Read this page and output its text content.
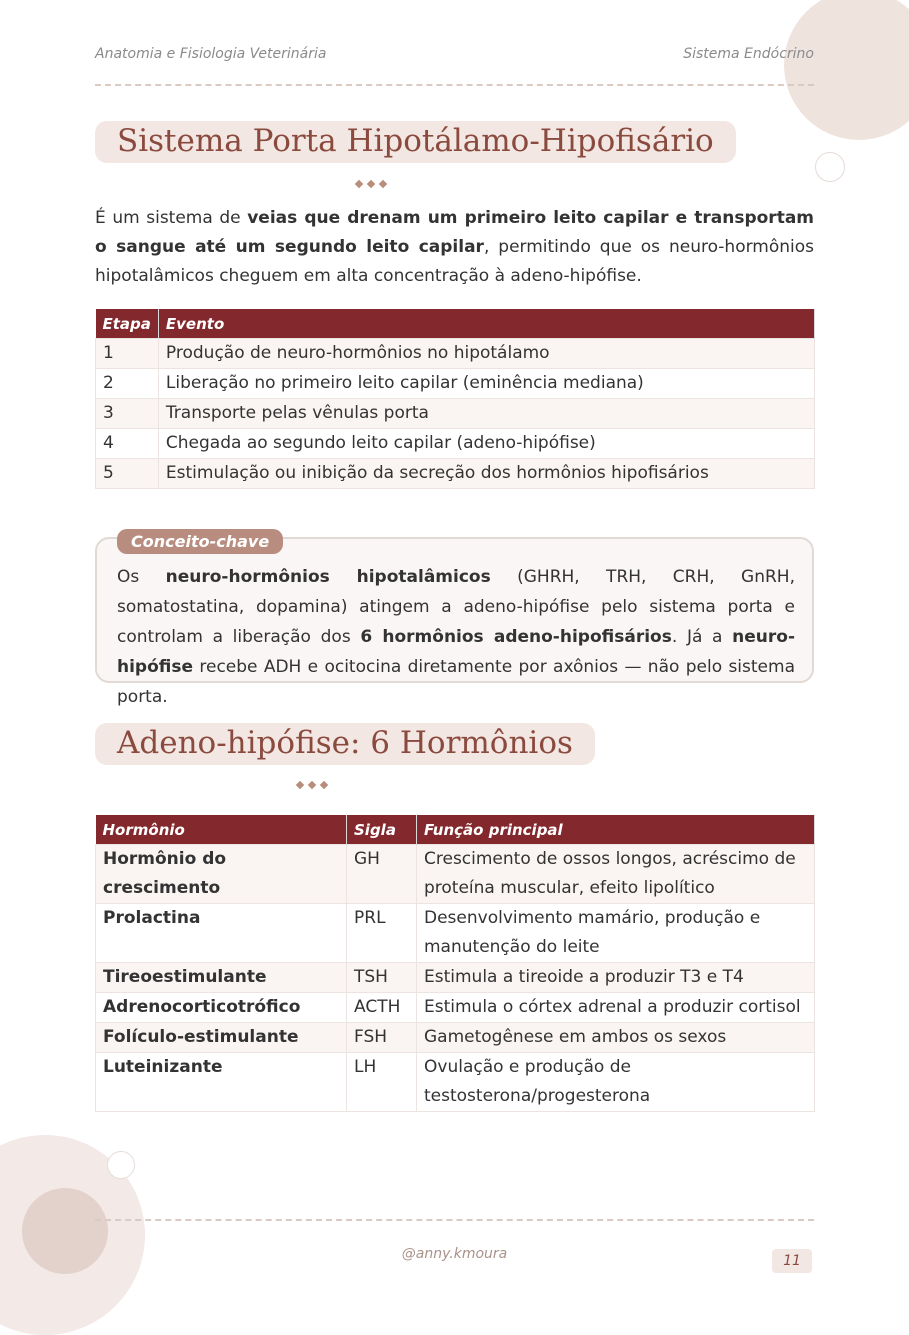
Anatomia e Fisiologia Veterinária	Sistema Endócrino
Sistema Porta Hipotálamo-Hipofisário

É um sistema de veias que drenam um primeiro leito capilar e transportam o sangue até um segundo leito capilar, permitindo que os neuro-hormônios hipotalâmicos cheguem em alta concentração à adeno-hipófise.

Etapa	Evento
1	Produção de neuro-hormônios no hipotálamo
2	Liberação no primeiro leito capilar (eminência mediana)
3	Transporte pelas vênulas porta
4	Chegada ao segundo leito capilar (adeno-hipófise)
5	Estimulação ou inibição da secreção dos hormônios hipofisários
Conceito-chave

Os neuro-hormônios hipotalâmicos (GHRH, TRH, CRH, GnRH, somatostatina, dopamina) atingem a adeno-hipófise pelo sistema porta e controlam a liberação dos 6 hormônios adeno-hipofisários. Já a neuro-hipófise recebe ADH e ocitocina diretamente por axônios — não pelo sistema porta.

Adeno-hipófise: 6 Hormônios
Hormônio	Sigla	Função principal
Hormônio do crescimento	GH	Crescimento de ossos longos, acréscimo de proteína muscular, efeito lipolítico
Prolactina	PRL	Desenvolvimento mamário, produção e manutenção do leite
Tireoestimulante	TSH	Estimula a tireoide a produzir T3 e T4
Adrenocorticotrófico	ACTH	Estimula o córtex adrenal a produzir cortisol
Folículo-estimulante	FSH	Gametogênese em ambos os sexos
Luteinizante	LH	Ovulação e produção de testosterona/progesterona
@anny.kmoura	11
